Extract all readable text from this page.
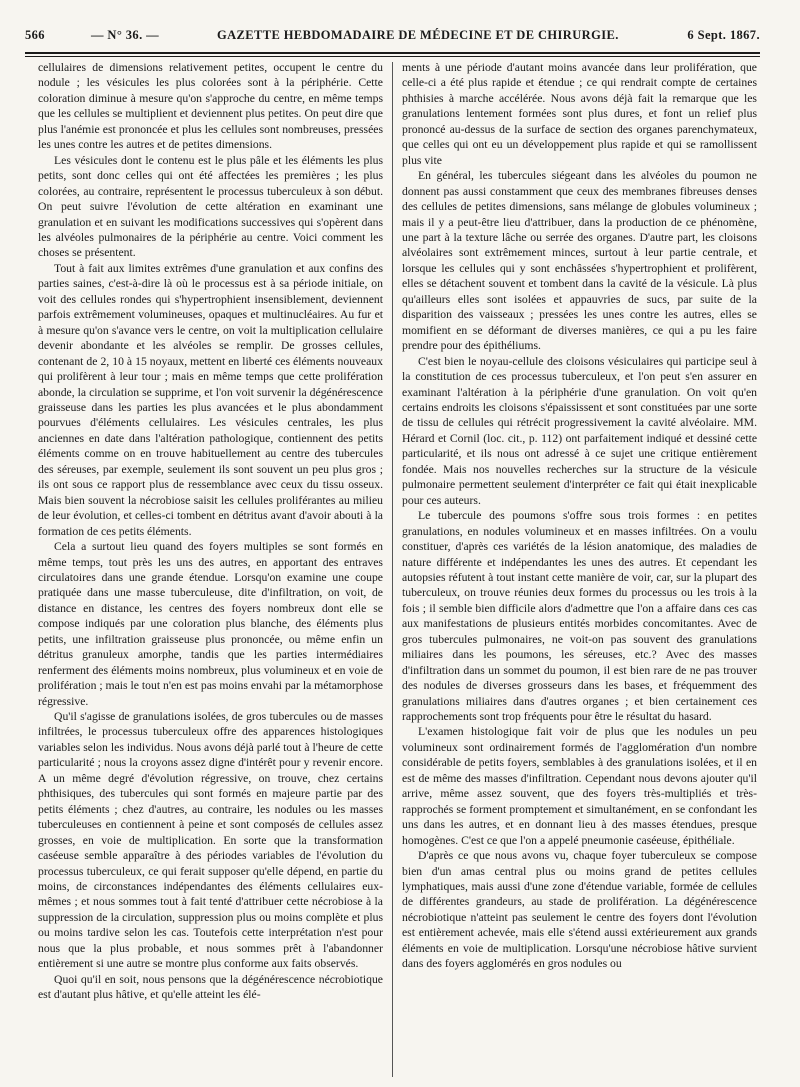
566	— N° 36. —	GAZETTE HEBDOMADAIRE DE MÉDECINE ET DE CHIRURGIE.	6 Sept. 1867.

cellulaires de dimensions relativement petites, occupent le centre du nodule ; les vésicules les plus colorées sont à la périphérie. Cette coloration diminue à mesure qu'on s'approche du centre, en même temps que les cellules se multiplient et deviennent plus petites. On peut dire que plus l'anémie est prononcée et plus les cellules sont nombreuses, pressées les unes contre les autres et de petites dimensions.

Les vésicules dont le contenu est le plus pâle et les éléments les plus petits, sont donc celles qui ont été affectées les premières ; les plus colorées, au contraire, représentent le processus tuberculeux à son début. On peut suivre l'évolution de cette altération en examinant une granulation et en suivant les modifications successives qui s'opèrent dans les alvéoles pulmonaires de la périphérie au centre. Voici comment les choses se présentent.

Tout à fait aux limites extrêmes d'une granulation et aux confins des parties saines, c'est-à-dire là où le processus est à sa période initiale, on voit des cellules rondes qui s'hypertrophient insensiblement, deviennent parfois extrêmement volumineuses, opaques et multinucléaires. Au fur et à mesure qu'on s'avance vers le centre, on voit la multiplication cellulaire devenir abondante et les alvéoles se remplir. De grosses cellules, contenant de 2, 10 à 15 noyaux, mettent en liberté ces éléments nouveaux qui prolifèrent à leur tour ; mais en même temps que cette prolifération abonde, la circulation se supprime, et l'on voit survenir la dégénérescence graisseuse dans les parties les plus avancées et le plus abondamment pourvues d'éléments cellulaires. Les vésicules centrales, les plus anciennes en date dans l'altération pathologique, contiennent des petits éléments comme on en trouve habituellement au centre des tubercules des séreuses, par exemple, seulement ils sont souvent un peu plus gros ; ils ont sous ce rapport plus de ressemblance avec ceux du tissu osseux. Mais bien souvent la nécrobiose saisit les cellules proliférantes au milieu de leur évolution, et celles-ci tombent en détritus avant d'avoir abouti à la formation de ces petits éléments.

Cela a surtout lieu quand des foyers multiples se sont formés en même temps, tout près les uns des autres, en apportant des entraves circulatoires dans une grande étendue. Lorsqu'on examine une coupe pratiquée dans une masse tuberculeuse, dite d'infiltration, on voit, de distance en distance, les centres des foyers nombreux dont elle se compose indiqués par une coloration plus blanche, des éléments plus petits, une infiltration graisseuse plus prononcée, ou même enfin un détritus granuleux amorphe, tandis que les parties intermédiaires renferment des éléments moins nombreux, plus volumineux et en voie de prolifération ; mais le tout n'en est pas moins envahi par la métamorphose régressive.

Qu'il s'agisse de granulations isolées, de gros tubercules ou de masses infiltrées, le processus tuberculeux offre des apparences histologiques variables selon les individus. Nous avons déjà parlé tout à l'heure de cette particularité ; nous la croyons assez digne d'intérêt pour y revenir encore. A un même degré d'évolution régressive, on trouve, chez certains phthisiques, des tubercules qui sont formés en majeure partie par des petits éléments ; chez d'autres, au contraire, les nodules ou les masses tuberculeuses en contiennent à peine et sont composés de cellules assez grosses, en voie de multiplication. En sorte que la transformation caséeuse semble apparaître à des périodes variables de l'évolution du processus tuberculeux, ce qui ferait supposer qu'elle dépend, en partie du moins, de circonstances indépendantes des éléments cellulaires eux-mêmes ; et nous sommes tout à fait tenté d'attribuer cette nécrobiose à la suppression de la circulation, suppression plus ou moins complète et plus ou moins tardive selon les cas. Toutefois cette interprétation n'est pour nous que la plus probable, et nous sommes prêt à l'abandonner entièrement si une autre se montre plus conforme aux faits observés.

Quoi qu'il en soit, nous pensons que la dégénérescence nécrobiotique est d'autant plus hâtive, et qu'elle atteint les élé-

ments à une période d'autant moins avancée dans leur prolifération, que celle-ci a été plus rapide et étendue ; ce qui rendrait compte de certaines phthisies à marche accélérée. Nous avons déjà fait la remarque que les granulations lentement formées sont plus dures, et font un relief plus prononcé au-dessus de la surface de section des organes parenchymateux, que celles qui ont eu un développement plus rapide et qui se ramollissent plus vite

En général, les tubercules siégeant dans les alvéoles du poumon ne donnent pas aussi constamment que ceux des membranes fibreuses denses des cellules de petites dimensions, sans mélange de globules volumineux ; mais il y a peut-être lieu d'attribuer, dans la production de ce phénomène, une part à la texture lâche ou serrée des organes. D'autre part, les cloisons alvéolaires sont extrêmement minces, surtout à leur partie centrale, et lorsque les cellules qui y sont enchâssées s'hypertrophient et prolifèrent, elles se détachent souvent et tombent dans la cavité de la vésicule. Là plus qu'ailleurs elles sont isolées et appauvries de sucs, par suite de la disparition des vaisseaux ; pressées les unes contre les autres, elles se momifient en se déformant de diverses manières, ce qui a pu les faire prendre pour des épithéliums.

C'est bien le noyau-cellule des cloisons vésiculaires qui participe seul à la constitution de ces processus tuberculeux, et l'on peut s'en assurer en examinant l'altération à la périphérie d'une granulation. On voit qu'en certains endroits les cloisons s'épaississent et sont constituées par une sorte de tissu de cellules qui rétrécit progressivement la cavité alvéolaire. MM. Hérard et Cornil (loc. cit., p. 112) ont parfaitement indiqué et dessiné cette particularité, et ils nous ont adressé à ce sujet une critique entièrement fondée. Mais nos nouvelles recherches sur la structure de la vésicule pulmonaire permettent seulement d'interpréter ce fait qui était inexplicable pour ces auteurs.

Le tubercule des poumons s'offre sous trois formes : en petites granulations, en nodules volumineux et en masses infiltrées. On a voulu constituer, d'après ces variétés de la lésion anatomique, des maladies de nature différente et indépendantes les unes des autres. Et cependant les autopsies réfutent à tout instant cette manière de voir, car, sur la plupart des tuberculeux, on trouve réunies deux formes du processus ou les trois à la fois ; il semble bien difficile alors d'admettre que l'on a affaire dans ces cas aux manifestations de plusieurs entités morbides concomitantes. Avec de gros tubercules pulmonaires, ne voit-on pas souvent des granulations miliaires dans les poumons, les séreuses, etc.? Avec des masses d'infiltration dans un sommet du poumon, il est bien rare de ne pas trouver des nodules de diverses grosseurs dans les bases, et fréquemment des granulations miliaires dans d'autres organes ; et bien certainement ces rapprochements sont trop fréquents pour être le résultat du hasard.

L'examen histologique fait voir de plus que les nodules un peu volumineux sont ordinairement formés de l'agglomération d'un nombre considérable de petits foyers, semblables à des granulations isolées, et il en est de même des masses d'infiltration. Cependant nous devons ajouter qu'il arrive, même assez souvent, que des foyers très-multipliés et très-rapprochés se forment promptement et simultanément, en se confondant les uns dans les autres, et en donnant lieu à des masses étendues, presque homogènes. C'est ce que l'on a appelé pneumonie caséeuse, épithéliale.

D'après ce que nous avons vu, chaque foyer tuberculeux se compose bien d'un amas central plus ou moins grand de petites cellules lymphatiques, mais aussi d'une zone d'étendue variable, formée de cellules de différentes grandeurs, au stade de prolifération. La dégénérescence nécrobiotique n'atteint pas seulement le centre des foyers dont l'évolution est entièrement achevée, mais elle s'étend aussi extérieurement aux grands éléments en voie de multiplication. Lorsqu'une nécrobiose hâtive survient dans des foyers agglomérés en gros nodules ou
